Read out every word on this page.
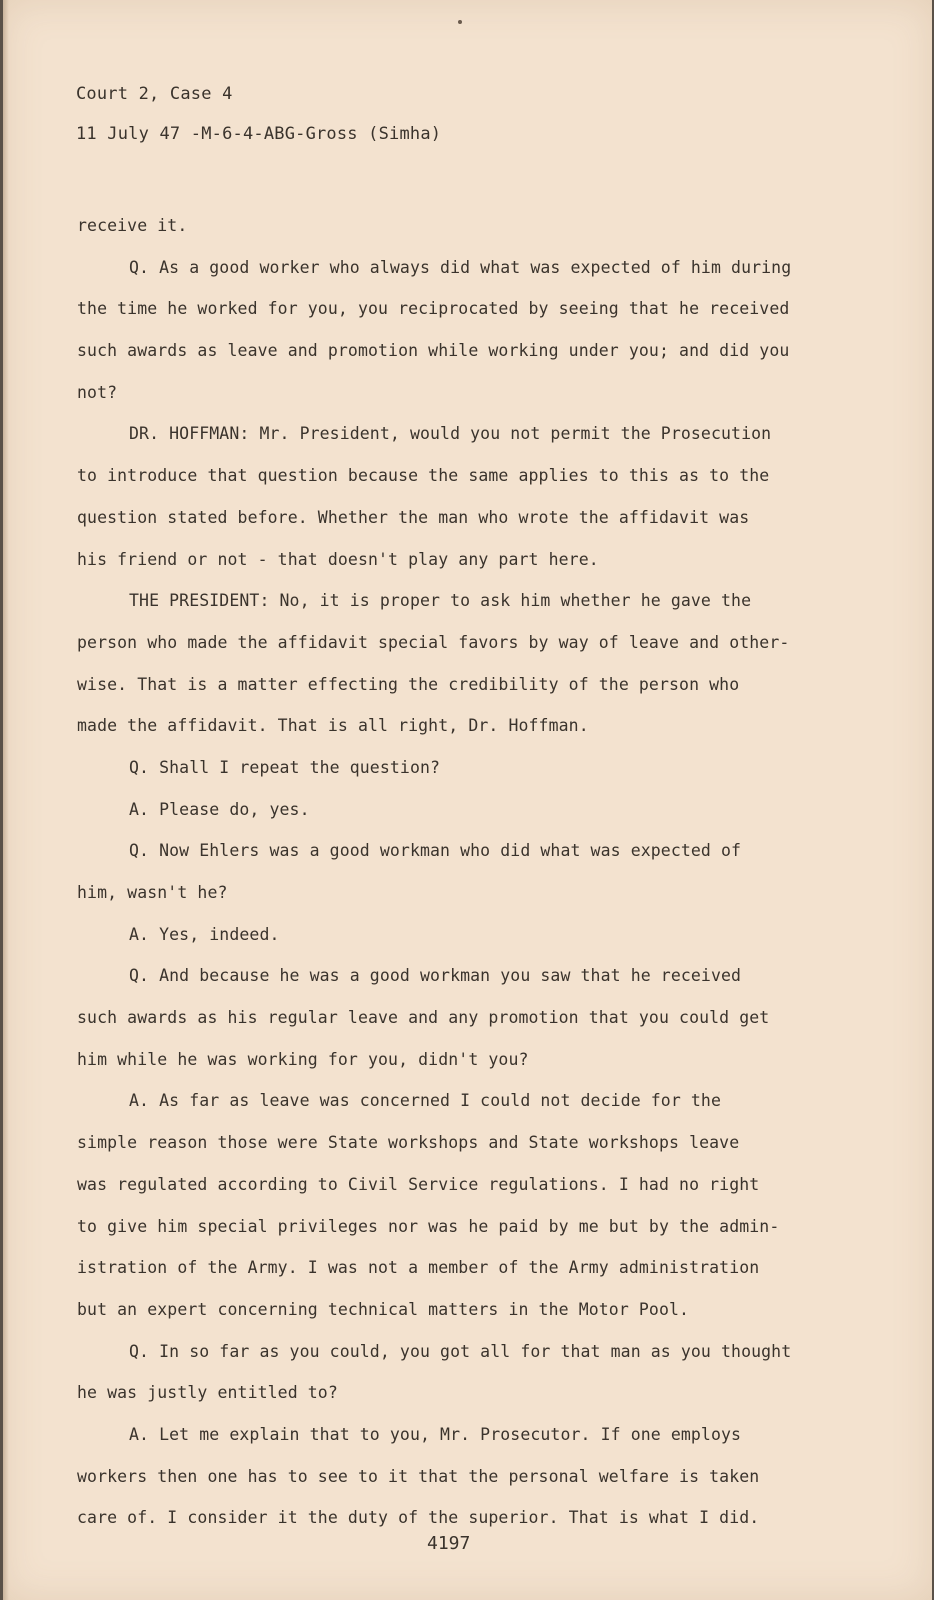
Court 2, Case 4

11 July 47 -M-6-4-ABG-Gross (Simha)

receive it.

Q. As a good worker who always did what was expected of him during

the time he worked for you, you reciprocated by seeing that he received

such awards as leave and promotion while working under you; and did you

not?

DR. HOFFMAN: Mr. President, would you not permit the Prosecution

to introduce that question because the same applies to this as to the

question stated before. Whether the man who wrote the affidavit was

his friend or not - that doesn't play any part here.

THE PRESIDENT: No, it is proper to ask him whether he gave the

person who made the affidavit special favors by way of leave and other-

wise. That is a matter effecting the credibility of the person who

made the affidavit. That is all right, Dr. Hoffman.

Q. Shall I repeat the question?

A. Please do, yes.

Q. Now Ehlers was a good workman who did what was expected of

him, wasn't he?

A. Yes, indeed.

Q. And because he was a good workman you saw that he received

such awards as his regular leave and any promotion that you could get

him while he was working for you, didn't you?

A. As far as leave was concerned I could not decide for the

simple reason those were State workshops and State workshops leave

was regulated according to Civil Service regulations. I had no right

to give him special privileges nor was he paid by me but by the admin-

istration of the Army. I was not a member of the Army administration

but an expert concerning technical matters in the Motor Pool.

Q. In so far as you could, you got all for that man as you thought

he was justly entitled to?

A. Let me explain that to you, Mr. Prosecutor. If one employs

workers then one has to see to it that the personal welfare is taken

care of. I consider it the duty of the superior. That is what I did.

4197
